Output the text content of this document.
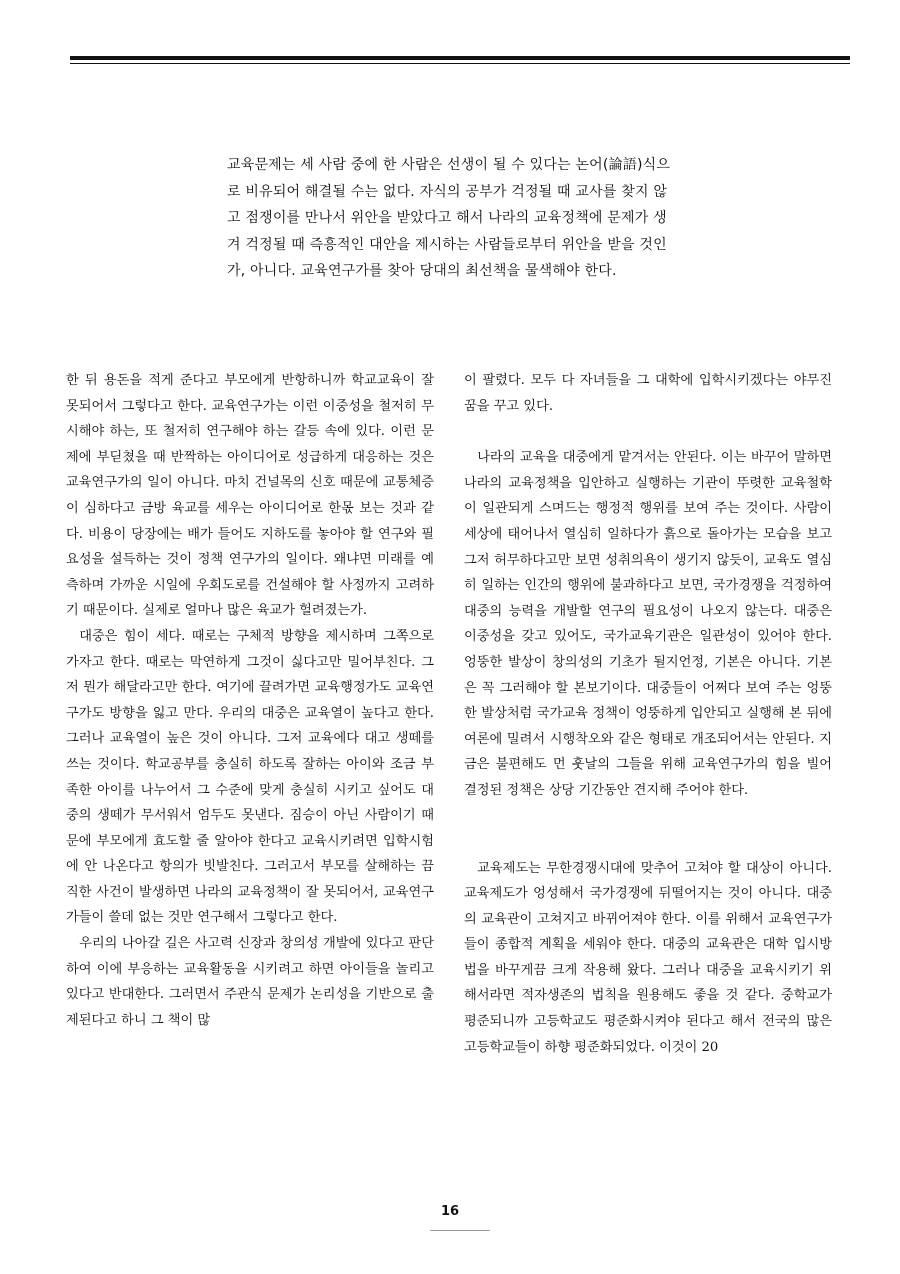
교육문제는 세 사람 중에 한 사람은 선생이 될 수 있다는 논어(論語)식으로 비유되어 해결될 수는 없다. 자식의 공부가 걱정될 때 교사를 찾지 않고 점쟁이를 만나서 위안을 받았다고 해서 나라의 교육정책에 문제가 생겨 걱정될 때 즉흥적인 대안을 제시하는 사람들로부터 위안을 받을 것인가, 아니다. 교육연구가를 찾아 당대의 최선책을 물색해야 한다.

한 뒤 용돈을 적게 준다고 부모에게 반항하니까 학교교육이 잘 못되어서 그렇다고 한다. 교육연구가는 이런 이중성을 철저히 무시해야 하는, 또 철저히 연구해야 하는 갈등 속에 있다. 이런 문제에 부딛쳤을 때 반짝하는 아이디어로 성급하게 대응하는 것은 교육연구가의 일이 아니다. 마치 건널목의 신호 때문에 교통체증이 심하다고 금방 육교를 세우는 아이디어로 한몫 보는 것과 같다. 비용이 당장에는 배가 들어도 지하도를 놓아야 할 연구와 필요성을 설득하는 것이 정책 연구가의 일이다. 왜냐면 미래를 예측하며 가까운 시일에 우회도로를 건설해야 할 사정까지 고려하기 때문이다. 실제로 얼마나 많은 육교가 헐려졌는가.

대중은 힘이 세다. 때로는 구체적 방향을 제시하며 그쪽으로 가자고 한다. 때로는 막연하게 그것이 싫다고만 밀어부친다. 그저 뭔가 해달라고만 한다. 여기에 끌려가면 교육행정가도 교육연구가도 방향을 잃고 만다. 우리의 대중은 교육열이 높다고 한다. 그러나 교육열이 높은 것이 아니다. 그저 교육에다 대고 생떼를 쓰는 것이다. 학교공부를 충실히 하도록 잘하는 아이와 조금 부족한 아이를 나누어서 그 수준에 맞게 충실히 시키고 싶어도 대중의 생떼가 무서워서 엄두도 못낸다. 짐승이 아닌 사람이기 때문에 부모에게 효도할 줄 알아야 한다고 교육시키려면 입학시험에 안 나온다고 항의가 빗발친다. 그러고서 부모를 살해하는 끔직한 사건이 발생하면 나라의 교육정책이 잘 못되어서, 교육연구가들이 쓸데 없는 것만 연구해서 그렇다고 한다.

우리의 나아갈 길은 사고력 신장과 창의성 개발에 있다고 판단하여 이에 부응하는 교육활동을 시키려고 하면 아이들을 놀리고 있다고 반대한다. 그러면서 주관식 문제가 논리성을 기반으로 출제된다고 하니 그 책이 많

이 팔렸다. 모두 다 자녀들을 그 대학에 입학시키겠다는 야무진 꿈을 꾸고 있다.

나라의 교육을 대중에게 맡겨서는 안된다. 이는 바꾸어 말하면 나라의 교육정책을 입안하고 실행하는 기관이 뚜렷한 교육철학이 일관되게 스며드는 행정적 행위를 보여 주는 것이다. 사람이 세상에 태어나서 열심히 일하다가 흙으로 돌아가는 모습을 보고 그저 허무하다고만 보면 성취의욕이 생기지 않듯이, 교육도 열심히 일하는 인간의 행위에 불과하다고 보면, 국가경쟁을 걱정하여 대중의 능력을 개발할 연구의 필요성이 나오지 않는다. 대중은 이중성을 갖고 있어도, 국가교육기관은 일관성이 있어야 한다. 엉뚱한 발상이 창의성의 기초가 될지언정, 기본은 아니다. 기본은 꼭 그러해야 할 본보기이다. 대중들이 어쩌다 보여 주는 엉뚱한 발상처럼 국가교육 정책이 엉뚱하게 입안되고 실행해 본 뒤에 여론에 밀려서 시행착오와 같은 형태로 개조되어서는 안된다. 지금은 불편해도 먼 훗날의 그들을 위해 교육연구가의 힘을 빌어 결정된 정책은 상당 기간동안 견지해 주어야 한다.

교육제도는 무한경쟁시대에 맞추어 고쳐야 할 대상이 아니다. 교육제도가 엉성해서 국가경쟁에 뒤떨어지는 것이 아니다. 대중의 교육관이 고쳐지고 바뀌어져야 한다. 이를 위해서 교육연구가들이 종합적 계획을 세워야 한다. 대중의 교육관은 대학 입시방법을 바꾸게끔 크게 작용해 왔다. 그러나 대중을 교육시키기 위해서라면 적자생존의 법칙을 원용해도 좋을 것 같다. 중학교가 평준되니까 고등학교도 평준화시켜야 된다고 해서 전국의 많은 고등학교들이 하향 평준화되었다. 이것이 20

16
